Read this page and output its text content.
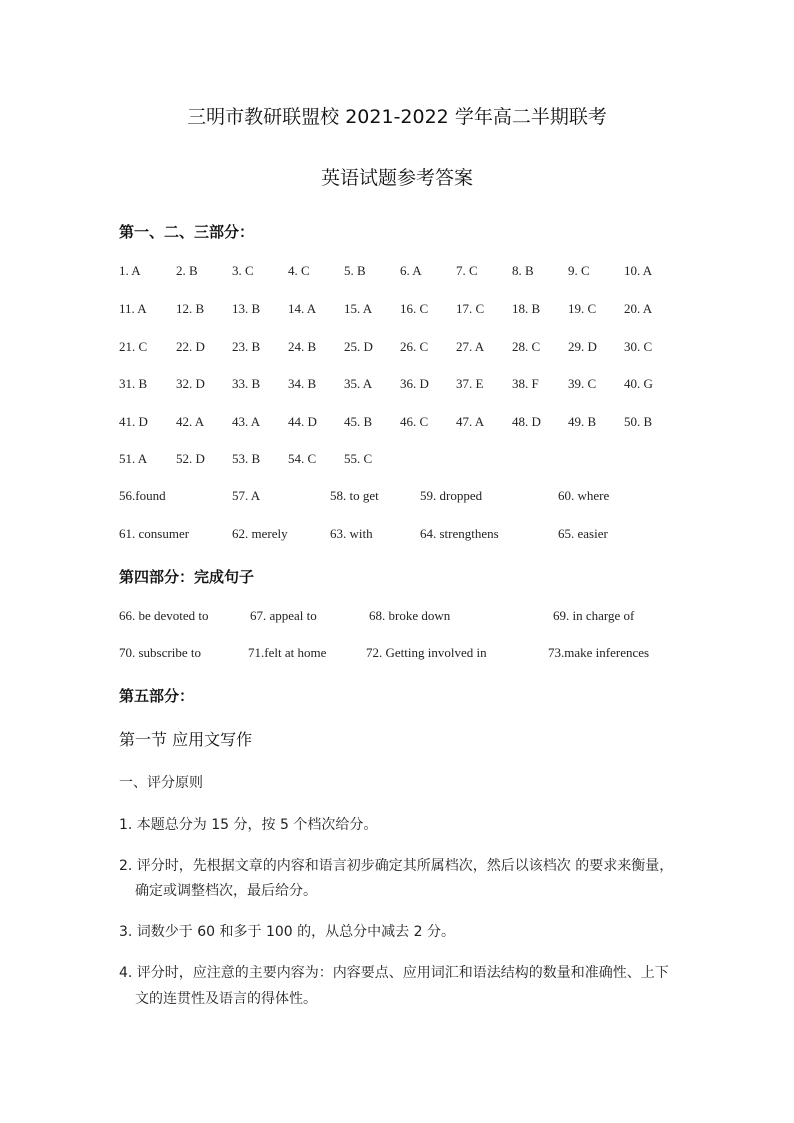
三明市教研联盟校 2021-2022 学年高二半期联考
英语试题参考答案
第一、二、三部分：
1. A	2. B	3. C	4. C	5. B	6. A	7. C	8. B	9. C	10. A
11. A 12. B 13. B 14. A 15. A 16. C 17. C 18. B 19. C 20. A
21. C 22. D 23. B 24. B 25. D 26. C 27. A 28. C 29. D 30. C
31. B 32. D 33. B 34. B 35. A 36. D 37. E 38. F 39. C 40. G
41. D 42. A 43. A 44. D 45. B 46. C 47. A 48. D 49. B 50. B
51. A 52. D 53. B 54. C 55. C
56.found	57. A	58. to get	59. dropped	60. where
61. consumer	62. merely	63. with	64. strengthens	65. easier
第四部分：完成句子
66. be devoted to	67. appeal to	68. broke down	69. in charge of
70. subscribe to	71.felt at home	72. Getting involved in	73.make inferences
第五部分：
第一节 应用文写作
一、评分原则
1. 本题总分为 15 分，按 5 个档次给分。
2. 评分时，先根据文章的内容和语言初步确定其所属档次，然后以该档次 的要求来衡量，
确定或调整档次，最后给分。
3. 词数少于 60 和多于 100 的，从总分中减去 2 分。
4. 评分时，应注意的主要内容为：内容要点、应用词汇和语法结构的数量和准确性、上下
文的连贯性及语言的得体性。
